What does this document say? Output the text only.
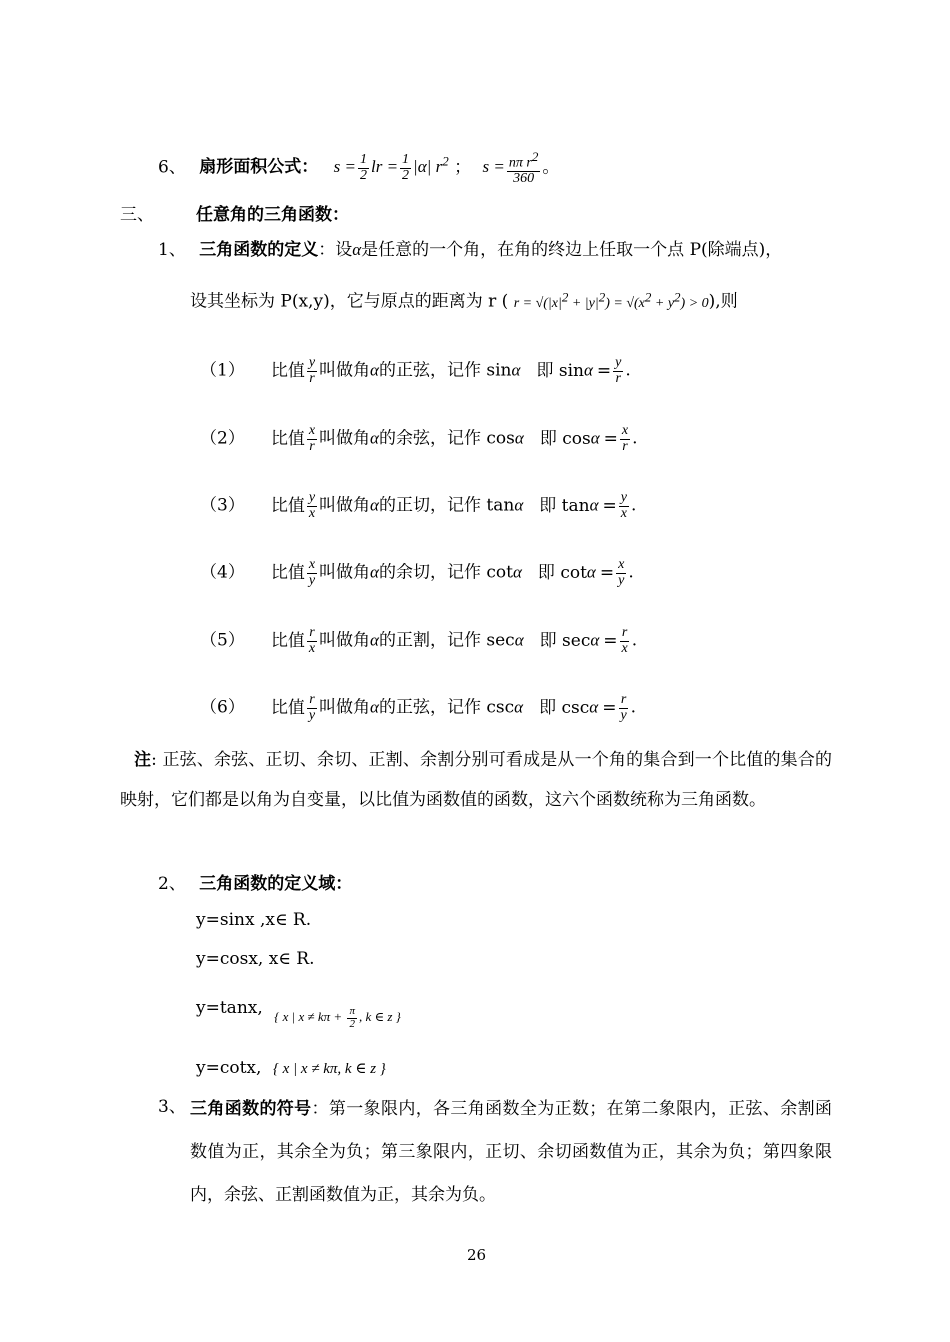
6、 扇形面积公式： $s = \frac{1}{2}$ lr = $\frac{1}{2} |\alpha|$ $r^2$ ； $s = \frac{n\pi r^2}{360}$ 。
三、 任意角的三角函数：
1、 三角函数的定义：设α是任意的一个角，在角的终边上任取一个点 P(除端点)，
设其坐标为 P(x,y)，它与原点的距离为 r ( $r = √(|x|^2 + |y|^2) = √(x^2 + y^2) > 0$),则
（1） 比值 $\frac{y}{r}$ 叫做角α的正弦，记作 sinα 即 $\sin\alpha = \frac{y}{r}$ .
（2） 比值 $\frac{x}{r}$ 叫做角α的余弦，记作 cosα 即 $\cos\alpha = \frac{x}{r}$ .
（3） 比值 $\frac{y}{x}$ 叫做角α的正切，记作 tanα 即 $\tan\alpha = \frac{y}{x}$ .
（4） 比值 $\frac{x}{y}$ 叫做角α的余切，记作 cotα 即 $\cot\alpha = \frac{x}{y}$ .
（5） 比值 $\frac{r}{x}$ 叫做角α的正割，记作 secα 即 $\sec\alpha = \frac{r}{x}$ .
（6） 比值 $\frac{r}{y}$ 叫做角α的正弦，记作 cscα 即 $\csc\alpha = \frac{r}{y}$ .
注: 正弦、余弦、正切、余切、正割、余割分别可看成是从一个角的集合到一个比值的集合的映射，它们都是以角为自变量，以比值为函数值的函数，这六个函数统称为三角函数。
2、 三角函数的定义域：
y=sinx ,x∈ R.
y=cosx, x∈ R.
y=tanx, $_{\{ x | x \ne k\pi + \frac{\pi}{2} , k \in z \}}$
y=cotx, { x | x ≠ kπ, k ∈ z }
3、 三角函数的符号：第一象限内，各三角函数全为正数；在第二象限内，正弦、余割函数值为正，其余全为负；第三象限内，正切、余切函数值为正，其余为负；第四象限内，余弦、正割函数值为正，其余为负。
26
